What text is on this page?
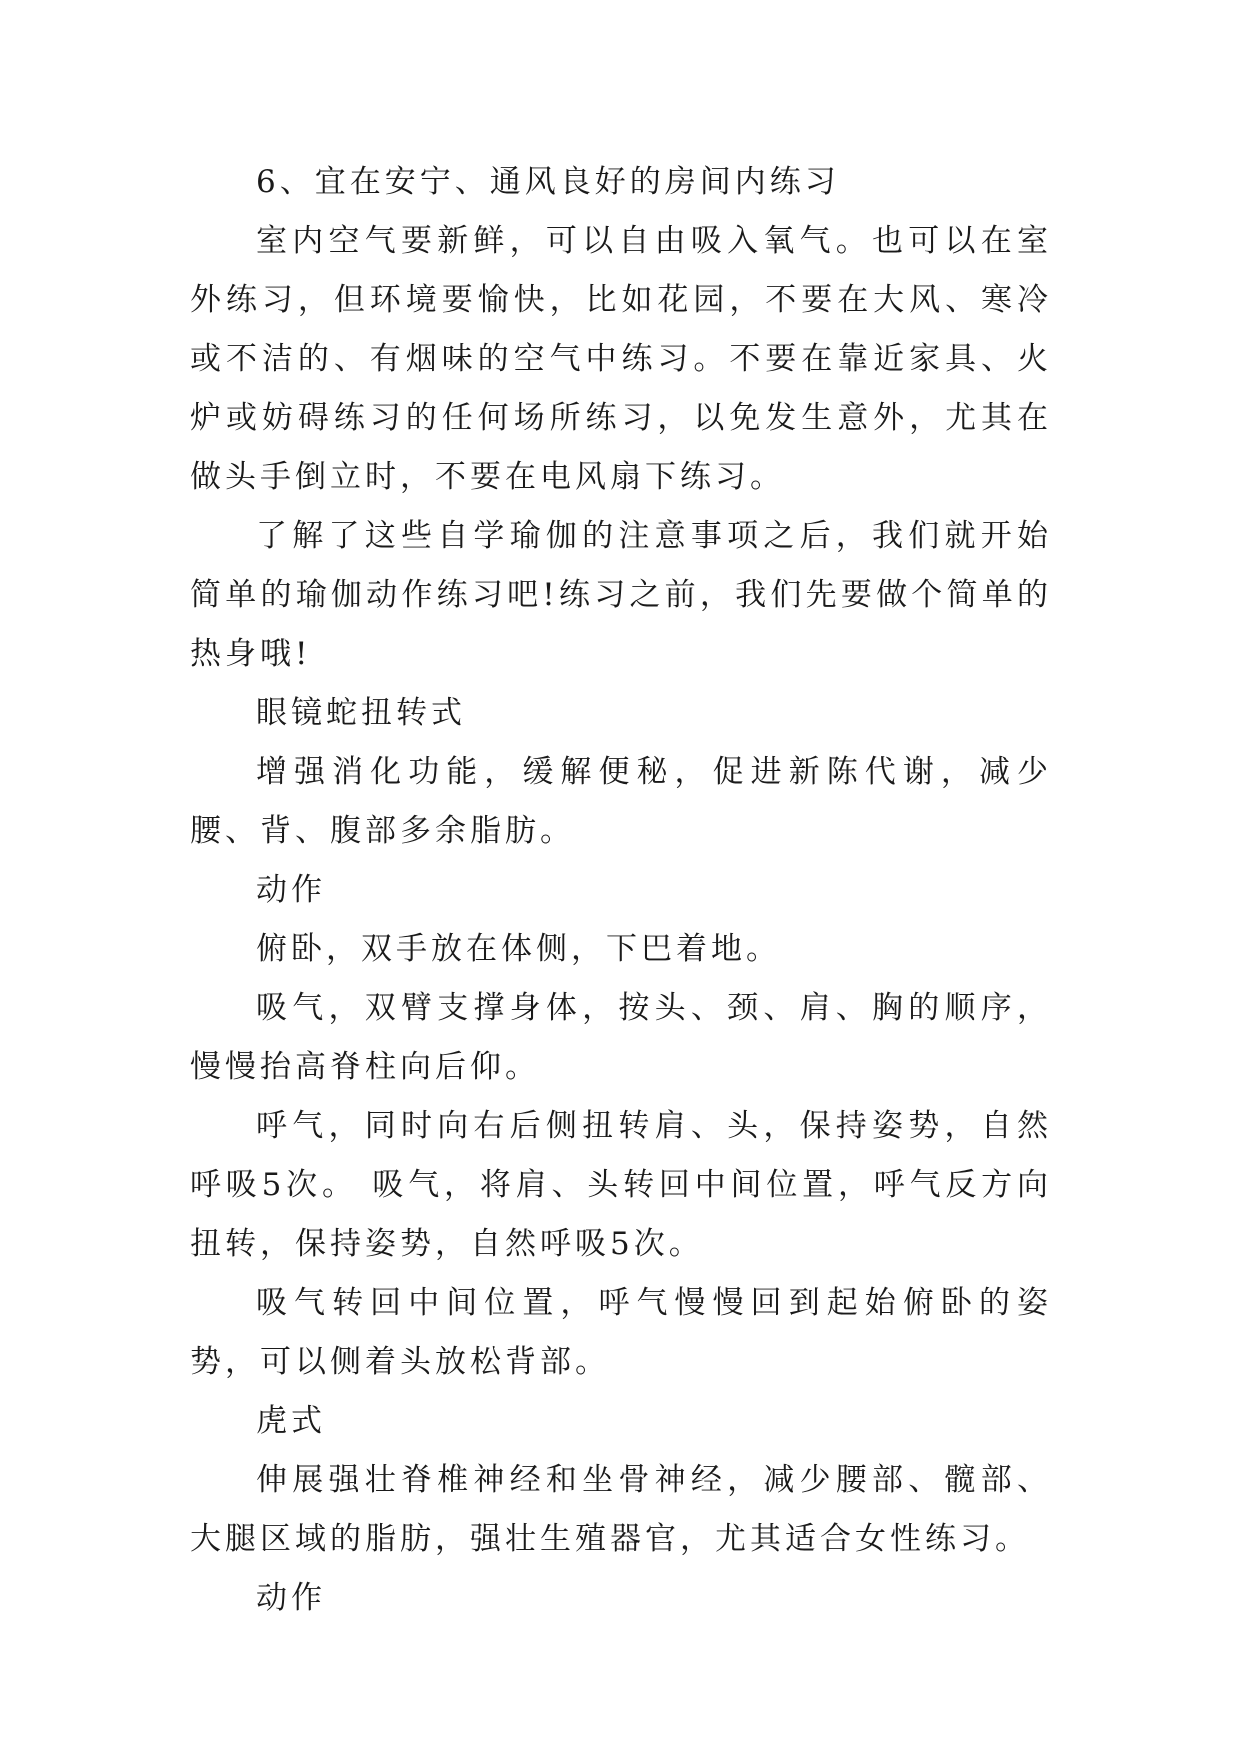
6、宜在安宁、通风良好的房间内练习

室内空气要新鲜，可以自由吸入氧气。也可以在室外练习，但环境要愉快，比如花园，不要在大风、寒冷或不洁的、有烟味的空气中练习。不要在靠近家具、火炉或妨碍练习的任何场所练习，以免发生意外，尤其在做头手倒立时，不要在电风扇下练习。

了解了这些自学瑜伽的注意事项之后，我们就开始简单的瑜伽动作练习吧!练习之前，我们先要做个简单的热身哦!

眼镜蛇扭转式

增强消化功能，缓解便秘，促进新陈代谢，减少腰、背、腹部多余脂肪。

动作

俯卧，双手放在体侧，下巴着地。

吸气，双臂支撑身体，按头、颈、肩、胸的顺序，慢慢抬高脊柱向后仰。

呼气，同时向右后侧扭转肩、头，保持姿势，自然呼吸5次。 吸气，将肩、头转回中间位置，呼气反方向扭转，保持姿势，自然呼吸5次。

吸气转回中间位置，呼气慢慢回到起始俯卧的姿势，可以侧着头放松背部。

虎式

伸展强壮脊椎神经和坐骨神经，减少腰部、髋部、大腿区域的脂肪，强壮生殖器官，尤其适合女性练习。

动作
